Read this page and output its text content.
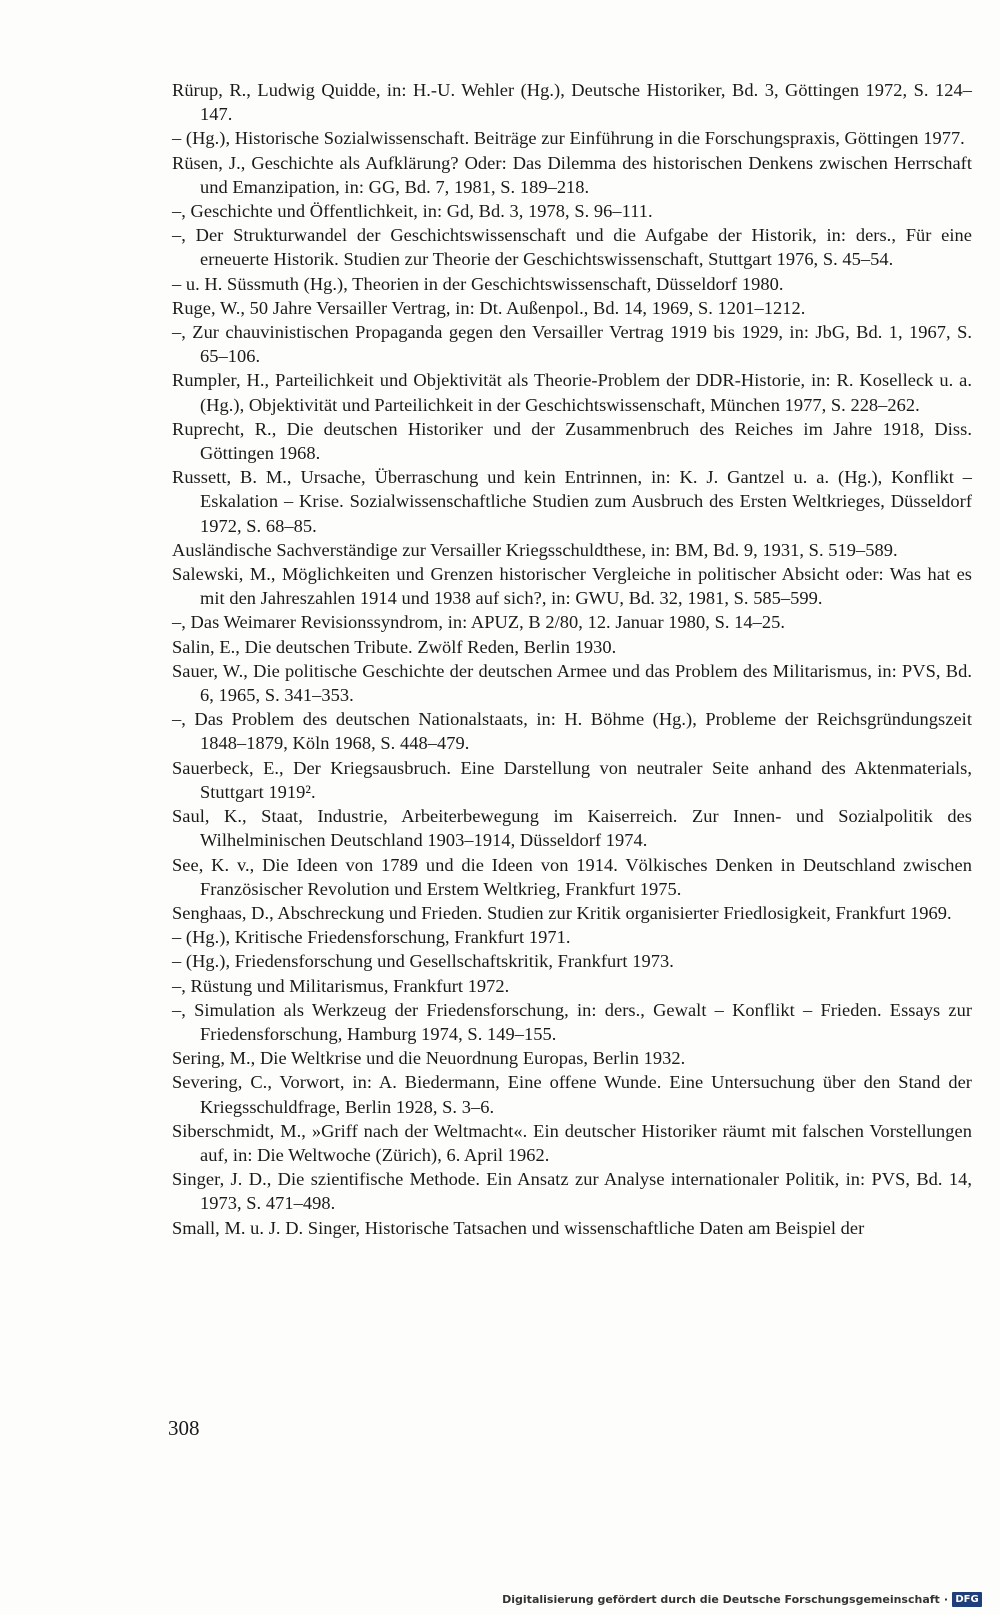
Rürup, R., Ludwig Quidde, in: H.-U. Wehler (Hg.), Deutsche Historiker, Bd. 3, Göttingen 1972, S. 124–147.
– (Hg.), Historische Sozialwissenschaft. Beiträge zur Einführung in die Forschungspraxis, Göttingen 1977.
Rüsen, J., Geschichte als Aufklärung? Oder: Das Dilemma des historischen Denkens zwischen Herrschaft und Emanzipation, in: GG, Bd. 7, 1981, S. 189–218.
–, Geschichte und Öffentlichkeit, in: Gd, Bd. 3, 1978, S. 96–111.
–, Der Strukturwandel der Geschichtswissenschaft und die Aufgabe der Historik, in: ders., Für eine erneuerte Historik. Studien zur Theorie der Geschichtswissenschaft, Stuttgart 1976, S. 45–54.
– u. H. Süssmuth (Hg.), Theorien in der Geschichtswissenschaft, Düsseldorf 1980.
Ruge, W., 50 Jahre Versailler Vertrag, in: Dt. Außenpol., Bd. 14, 1969, S. 1201–1212.
–, Zur chauvinistischen Propaganda gegen den Versailler Vertrag 1919 bis 1929, in: JbG, Bd. 1, 1967, S. 65–106.
Rumpler, H., Parteilichkeit und Objektivität als Theorie-Problem der DDR-Historie, in: R. Koselleck u. a. (Hg.), Objektivität und Parteilichkeit in der Geschichtswissenschaft, München 1977, S. 228–262.
Ruprecht, R., Die deutschen Historiker und der Zusammenbruch des Reiches im Jahre 1918, Diss. Göttingen 1968.
Russett, B. M., Ursache, Überraschung und kein Entrinnen, in: K. J. Gantzel u. a. (Hg.), Konflikt – Eskalation – Krise. Sozialwissenschaftliche Studien zum Ausbruch des Ersten Weltkrieges, Düsseldorf 1972, S. 68–85.
Ausländische Sachverständige zur Versailler Kriegsschuldthese, in: BM, Bd. 9, 1931, S. 519–589.
Salewski, M., Möglichkeiten und Grenzen historischer Vergleiche in politischer Absicht oder: Was hat es mit den Jahreszahlen 1914 und 1938 auf sich?, in: GWU, Bd. 32, 1981, S. 585–599.
–, Das Weimarer Revisionssyndrom, in: APUZ, B 2/80, 12. Januar 1980, S. 14–25.
Salin, E., Die deutschen Tribute. Zwölf Reden, Berlin 1930.
Sauer, W., Die politische Geschichte der deutschen Armee und das Problem des Militarismus, in: PVS, Bd. 6, 1965, S. 341–353.
–, Das Problem des deutschen Nationalstaats, in: H. Böhme (Hg.), Probleme der Reichsgründungszeit 1848–1879, Köln 1968, S. 448–479.
Sauerbeck, E., Der Kriegsausbruch. Eine Darstellung von neutraler Seite anhand des Aktenmaterials, Stuttgart 1919².
Saul, K., Staat, Industrie, Arbeiterbewegung im Kaiserreich. Zur Innen- und Sozialpolitik des Wilhelminischen Deutschland 1903–1914, Düsseldorf 1974.
See, K. v., Die Ideen von 1789 und die Ideen von 1914. Völkisches Denken in Deutschland zwischen Französischer Revolution und Erstem Weltkrieg, Frankfurt 1975.
Senghaas, D., Abschreckung und Frieden. Studien zur Kritik organisierter Friedlosigkeit, Frankfurt 1969.
– (Hg.), Kritische Friedensforschung, Frankfurt 1971.
– (Hg.), Friedensforschung und Gesellschaftskritik, Frankfurt 1973.
–, Rüstung und Militarismus, Frankfurt 1972.
–, Simulation als Werkzeug der Friedensforschung, in: ders., Gewalt – Konflikt – Frieden. Essays zur Friedensforschung, Hamburg 1974, S. 149–155.
Sering, M., Die Weltkrise und die Neuordnung Europas, Berlin 1932.
Severing, C., Vorwort, in: A. Biedermann, Eine offene Wunde. Eine Untersuchung über den Stand der Kriegsschuldfrage, Berlin 1928, S. 3–6.
Siberschmidt, M., »Griff nach der Weltmacht«. Ein deutscher Historiker räumt mit falschen Vorstellungen auf, in: Die Weltwoche (Zürich), 6. April 1962.
Singer, J. D., Die szientifische Methode. Ein Ansatz zur Analyse internationaler Politik, in: PVS, Bd. 14, 1973, S. 471–498.
Small, M. u. J. D. Singer, Historische Tatsachen und wissenschaftliche Daten am Beispiel der
308
Digitalisierung gefördert durch die Deutsche Forschungsgemeinschaft · DFG
